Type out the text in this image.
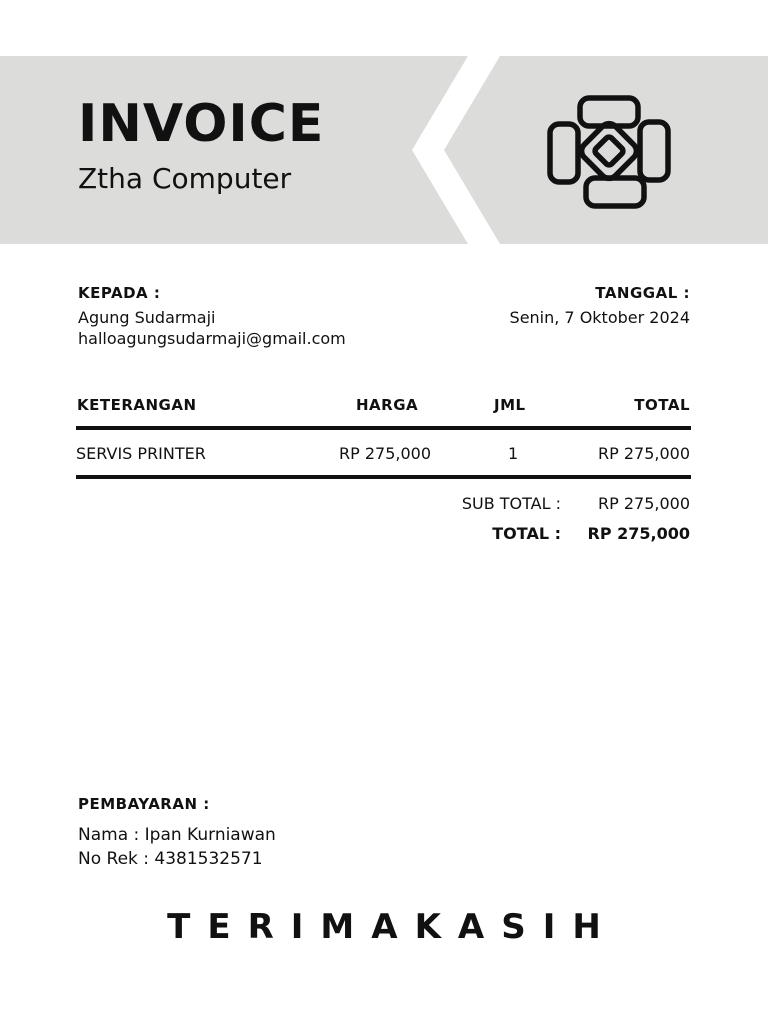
INVOICE
Ztha Computer
KEPADA :
Agung Sudarmaji
halloagungsudarmaji@gmail.com
TANGGAL :
Senin, 7 Oktober 2024
KETERANGAN	HARGA	JML	TOTAL
SERVIS PRINTER	RP 275,000	1	RP 275,000
SUB TOTAL : RP 275,000
TOTAL : RP 275,000
PEMBAYARAN :
Nama : Ipan Kurniawan
No Rek : 4381532571
TERIMAKASIH
